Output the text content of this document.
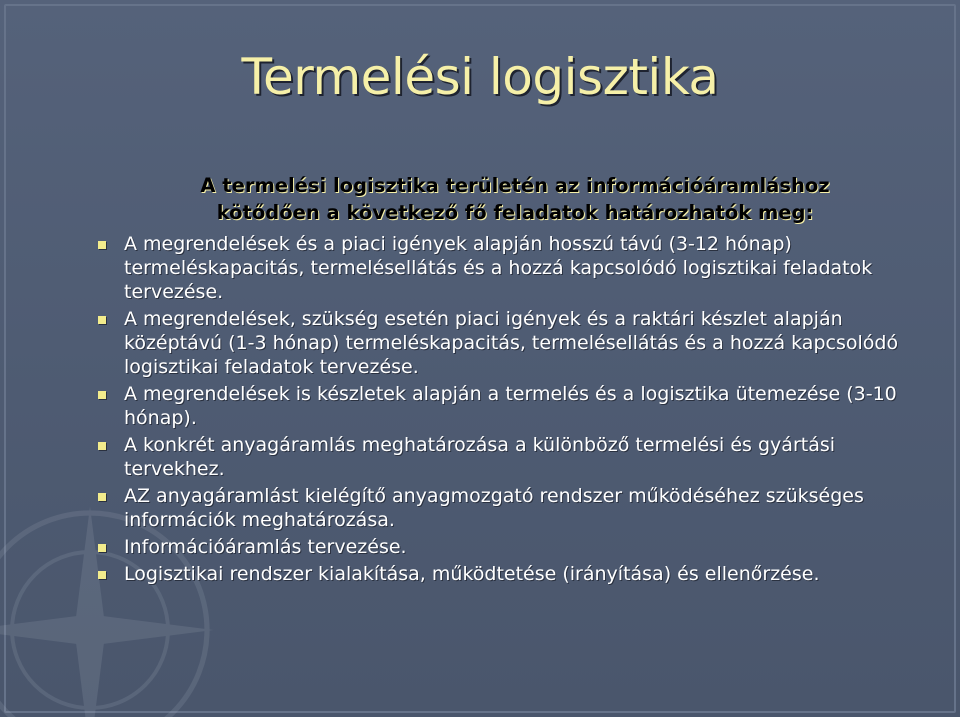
Termelési logisztika
A termelési logisztika területén az információáramláshoz
kötődően a következő fő feladatok határozhatók meg:
A megrendelések és a piaci igények alapján hosszú távú (3-12 hónap) termeléskapacitás, termelésellátás és a hozzá kapcsolódó logisztikai feladatok tervezése.
A megrendelések, szükség esetén piaci igények és a raktári készlet alapján középtávú (1-3 hónap) termeléskapacitás, termelésellátás és a hozzá kapcsolódó logisztikai feladatok tervezése.
A megrendelések is készletek alapján a termelés és a logisztika ütemezése (3-10 hónap).
A konkrét anyagáramlás meghatározása a különböző termelési és gyártási tervekhez.
AZ anyagáramlást kielégítő anyagmozgató rendszer működéséhez szükséges információk meghatározása.
Információáramlás tervezése.
Logisztikai rendszer kialakítása, működtetése (irányítása) és ellenőrzése.
